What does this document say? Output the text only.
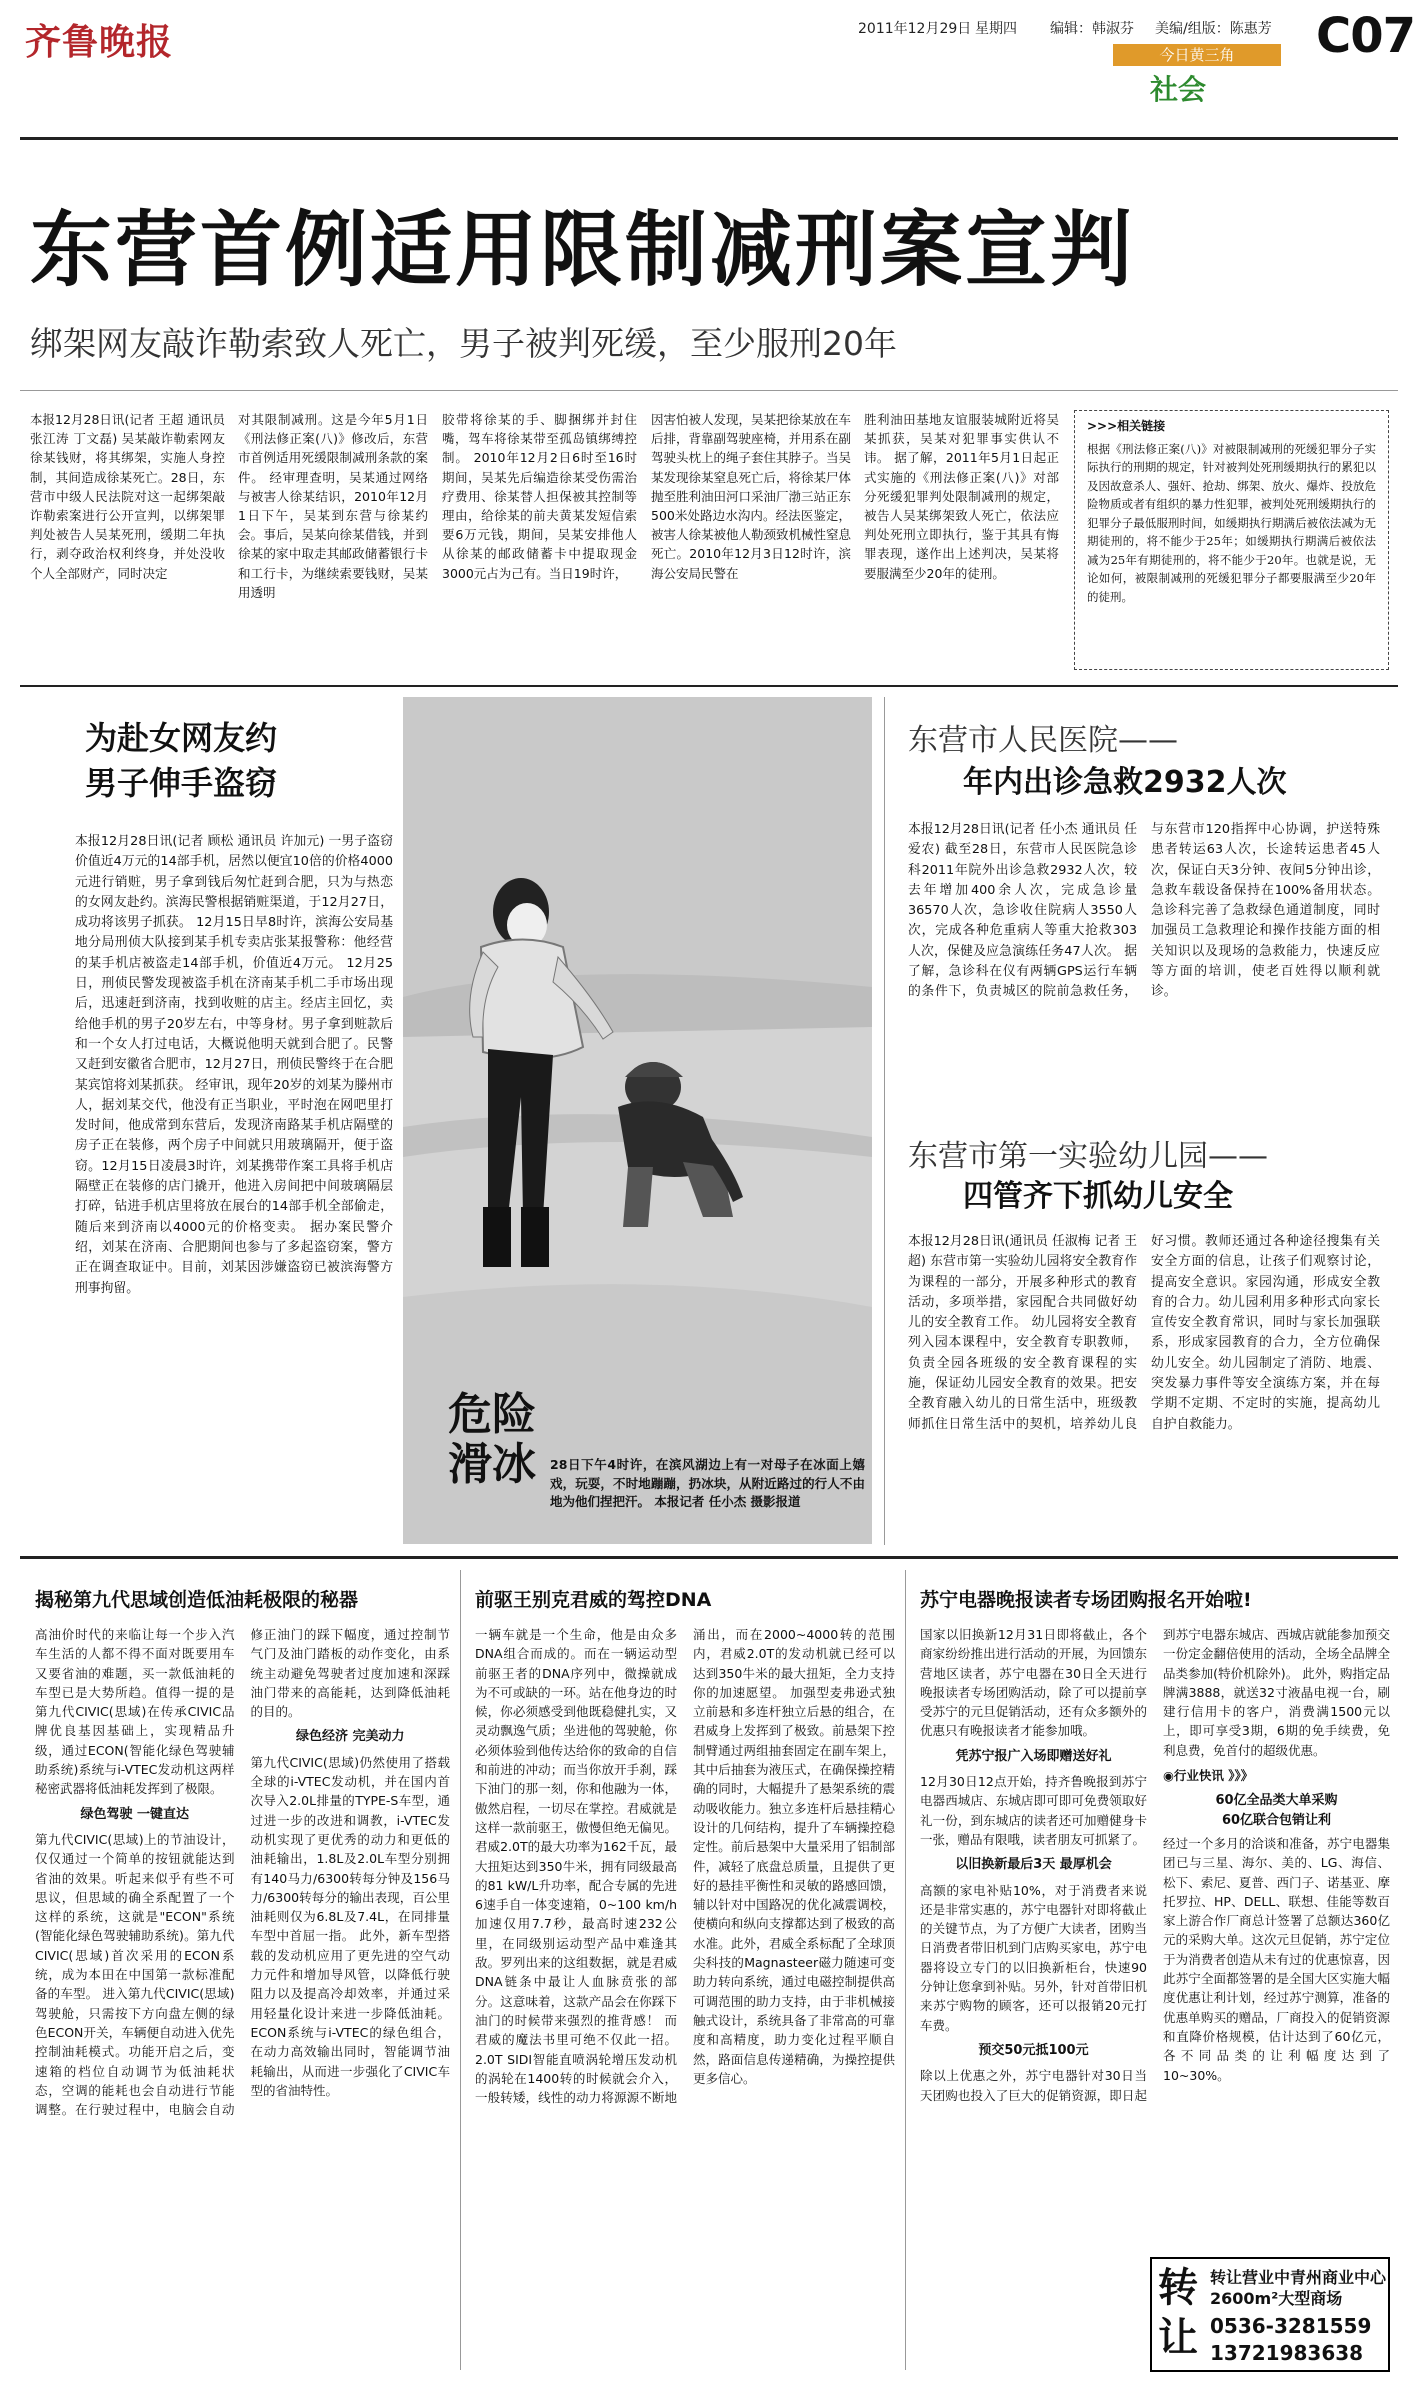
齐鲁晚报	2011年12月29日 星期四 编辑：韩淑芬 美编/组版：陈惠芳 C07
今日黄三角
社会
东营首例适用限制减刑案宣判
绑架网友敲诈勒索致人死亡，男子被判死缓，至少服刑20年
本报12月28日讯(记者 王超 通讯员 张江涛 丁文磊) 吴某敲诈勒索网友徐某钱财，将其绑架，实施人身控制，其间造成徐某死亡。28日，东营市中级人民法院对这一起绑架敲诈勒索案进行公开宣判，以绑架罪判处被告人吴某死刑，缓期二年执行，剥夺政治权利终身，并处没收个人全部财产，同时决定
对其限制减刑。这是今年5月1日《刑法修正案(八)》修改后，东营市首例适用死缓限制减刑条款的案件。 经审理查明，吴某通过网络与被害人徐某结识，2010年12月1日下午，吴某到东营与徐某约会。事后，吴某向徐某借钱，并到徐某的家中取走其邮政储蓄银行卡和工行卡，为继续索要钱财，吴某用透明
胶带将徐某的手、脚捆绑并封住嘴，驾车将徐某带至孤岛镇绑缚控制。 2010年12月2日6时至16时期间，吴某先后编造徐某受伤需治疗费用、徐某替人担保被其控制等理由，给徐某的前夫黄某发短信索要6万元钱，期间，吴某安排他人从徐某的邮政储蓄卡中提取现金3000元占为己有。当日19时许，
因害怕被人发现，吴某把徐某放在车后排，背靠副驾驶座椅，并用系在副驾驶头枕上的绳子套住其脖子。当吴某发现徐某窒息死亡后，将徐某尸体抛至胜利油田河口采油厂渤三站正东500米处路边水沟内。经法医鉴定，被害人徐某被他人勒颈致机械性窒息死亡。2010年12月3日12时许，滨海公安局民警在
胜利油田基地友谊服装城附近将吴某抓获，吴某对犯罪事实供认不讳。 据了解，2011年5月1日起正式实施的《刑法修正案(八)》对部分死缓犯罪判处限制减刑的规定，被告人吴某绑架致人死亡，依法应判处死刑立即执行，鉴于其具有悔罪表现，遂作出上述判决，吴某将要服满至少20年的徒刑。
>>>相关链接
根据《刑法修正案(八)》对被限制减刑的死缓犯罪分子实际执行的刑期的规定，针对被判处死刑缓期执行的累犯以及因故意杀人、强奸、抢劫、绑架、放火、爆炸、投放危险物质或者有组织的暴力性犯罪，被判处死刑缓期执行的犯罪分子最低服刑时间，如缓期执行期满后被依法减为无期徒刑的，将不能少于25年；如缓期执行期满后被依法减为25年有期徒刑的，将不能少于20年。也就是说，无论如何，被限制减刑的死缓犯罪分子都要服满至少20年的徒刑。
为赴女网友约
男子伸手盗窃
本报12月28日讯(记者 顾松 通讯员 许加元) 一男子盗窃价值近4万元的14部手机，居然以便宜10倍的价格4000元进行销赃，男子拿到钱后匆忙赶到合肥，只为与热恋的女网友赴约。滨海民警根据销赃渠道，于12月27日，成功将该男子抓获。 12月15日早8时许，滨海公安局基地分局刑侦大队接到某手机专卖店张某报警称：他经营的某手机店被盗走14部手机，价值近4万元。 12月25日，刑侦民警发现被盗手机在济南某手机二手市场出现后，迅速赶到济南，找到收赃的店主。经店主回忆，卖给他手机的男子20岁左右，中等身材。男子拿到赃款后和一个女人打过电话，大概说他明天就到合肥了。民警又赶到安徽省合肥市，12月27日，刑侦民警终于在合肥某宾馆将刘某抓获。 经审讯，现年20岁的刘某为滕州市人，据刘某交代，他没有正当职业，平时泡在网吧里打发时间，他成常到东营后，发现济南路某手机店隔壁的房子正在装修，两个房子中间就只用玻璃隔开，便于盗窃。12月15日凌晨3时许，刘某携带作案工具将手机店隔壁正在装修的店门撬开，他进入房间把中间玻璃隔层打碎，钻进手机店里将放在展台的14部手机全部偷走，随后来到济南以4000元的价格变卖。 据办案民警介绍，刘某在济南、合肥期间也参与了多起盗窃案，警方正在调查取证中。目前，刘某因涉嫌盗窃已被滨海警方刑事拘留。
危险
滑冰 28日下午4时许，在滨风湖边上有一对母子在冰面上嬉戏，玩耍，不时地蹦蹦，扔冰块，从附近路过的行人不由地为他们捏把汗。 本报记者 任小杰 摄影报道
东营市人民医院——
年内出诊急救2932人次
本报12月28日讯(记者 任小杰 通讯员 任爱农) 截至28日，东营市人民医院急诊科2011年院外出诊急救2932人次，较去年增加400余人次，完成急诊量36570人次，急诊收住院病人3550人次，完成各种危重病人等重大抢救303人次，保健及应急演练任务47人次。 据了解，急诊科在仪有两辆GPS运行车辆的条件下，负责城区的院前急救任务，与东营市120指挥中心协调，护送特殊患者转运63人次，长途转运患者45人次，保证白天3分钟、夜间5分钟出诊，急救车载设备保持在100%备用状态。 急诊科完善了急救绿色通道制度，同时加强员工急救理论和操作技能方面的相关知识以及现场的急救能力，快速反应等方面的培训，使老百姓得以顺利就诊。
东营市第一实验幼儿园——
四管齐下抓幼儿安全
本报12月28日讯(通讯员 任淑梅 记者 王超) 东营市第一实验幼儿园将安全教育作为课程的一部分，开展多种形式的教育活动，多项举措，家园配合共同做好幼儿的安全教育工作。 幼儿园将安全教育列入园本课程中，安全教育专职教师，负责全园各班级的安全教育课程的实施，保证幼儿园安全教育的效果。把安全教育融入幼儿的日常生活中，班级教师抓住日常生活中的契机，培养幼儿良好习惯。教师还通过各种途径搜集有关安全方面的信息，让孩子们观察讨论，提高安全意识。家园沟通，形成安全教育的合力。幼儿园利用多种形式向家长宣传安全教育常识，同时与家长加强联系，形成家园教育的合力，全方位确保幼儿安全。幼儿园制定了消防、地震、突发暴力事件等安全演练方案，并在每学期不定期、不定时的实施，提高幼儿自护自救能力。
揭秘第九代思域创造低油耗极限的秘器
高油价时代的来临让每一个步入汽车生活的人都不得不面对既要用车又要省油的难题，买一款低油耗的车型已是大势所趋。值得一提的是第九代CIVIC(思域)在传承CIVIC品牌优良基因基础上，实现精品升级，通过ECON(智能化绿色驾驶辅助系统)系统与i-VTEC发动机这两样秘密武器将低油耗发挥到了极限。
绿色驾驶 一键直达
第九代CIVIC(思域)上的节油设计，仅仅通过一个简单的按钮就能达到省油的效果。听起来似乎有些不可思议，但思域的确全系配置了一个这样的系统，这就是"ECON"系统(智能化绿色驾驶辅助系统)。第九代CIVIC(思域)首次采用的ECON系统，成为本田在中国第一款标准配备的车型。 进入第九代CIVIC(思域)驾驶舱，只需按下方向盘左侧的绿色ECON开关，车辆便自动进入优先控制油耗模式。功能开启之后，变速箱的档位自动调节为低油耗状态，空调的能耗也会自动进行节能调整。在行驶过程中，电脑会自动修正油门的踩下幅度，通过控制节气门及油门踏板的动作变化，由系统主动避免驾驶者过度加速和深踩油门带来的高能耗，达到降低油耗的目的。
绿色经济 完美动力
第九代CIVIC(思域)仍然使用了搭载全球的i-VTEC发动机，并在国内首次导入2.0L排量的TYPE-S车型，通过进一步的改进和调教，i-VTEC发动机实现了更优秀的动力和更低的油耗输出，1.8L及2.0L车型分别拥有140马力/6300转每分钟及156马力/6300转每分的输出表现，百公里油耗则仅为6.8L及7.4L，在同排量车型中首屈一指。 此外，新车型搭载的发动机应用了更先进的空气动力元件和增加导风管，以降低行驶阻力以及提高冷却效率，并通过采用轻量化设计来进一步降低油耗。 ECON系统与i-VTEC的绿色组合，在动力高效输出同时，智能调节油耗输出，从而进一步强化了CIVIC车型的省油特性。
前驱王别克君威的驾控DNA
一辆车就是一个生命，他是由众多DNA组合而成的。而在一辆运动型前驱王者的DNA序列中，微操就成为不可或缺的一环。站在他身边的时候，你必须感受到他既稳健扎实，又灵动飘逸气质；坐进他的驾驶舱，你必须体验到他传达给你的致命的自信和前进的冲动；而当你放开手刹，踩下油门的那一刻，你和他融为一体，傲然启程，一切尽在掌控。君威就是这样一款前驱王，傲慢但绝无偏见。 君威2.0T的最大功率为162千瓦，最大扭矩达到350牛米，拥有同级最高的81 kW/L升功率，配合专属的先进6速手自一体变速箱，0~100 km/h加速仅用7.7秒，最高时速232公里，在同级别运动型产品中难逢其敌。罗列出来的这组数据，就是君威DNA链条中最让人血脉贲张的部分。这意味着，这款产品会在你踩下油门的时候带来强烈的推背感！ 而君威的魔法书里可绝不仅此一招。2.0T SIDI智能直喷涡轮增压发动机的涡轮在1400转的时候就会介入，一般转矮，线性的动力将源源不断地涌出，而在2000~4000转的范围内，君威2.0T的发动机就已经可以达到350牛米的最大扭矩，全力支持你的加速愿望。 加强型麦弗逊式独立前悬和多连杆独立后悬的组合，在君威身上发挥到了极致。前悬架下控制臂通过两组抽套固定在副车架上，其中后抽套为液压式，在确保操控精确的同时，大幅提升了悬架系统的震动吸收能力。独立多连杆后悬挂精心设计的几何结构，提升了车辆操控稳定性。前后悬架中大量采用了铝制部件，减轻了底盘总质量，且提供了更好的悬挂平衡性和灵敏的路感回馈，辅以针对中国路况的优化减震调校，使横向和纵向支撑都达到了极致的高水准。此外，君威全系标配了全球顶尖科技的Magnasteer磁力随速可变助力转向系统，通过电磁控制提供高可调范围的助力支持，由于非机械接触式设计，系统具备了非常高的可靠度和高精度，助力变化过程平顺自然，路面信息传递精确，为操控提供更多信心。
苏宁电器晚报读者专场团购报名开始啦!
国家以旧换新12月31日即将截止，各个商家纷纷推出进行活动的开展，为回馈东营地区读者，苏宁电器在30日全天进行晚报读者专场团购活动，除了可以提前享受苏宁的元旦促销活动，还有众多额外的优惠只有晚报读者才能参加哦。
凭苏宁报广入场即赠送好礼
12月30日12点开始，持齐鲁晚报到苏宁电器西城店、东城店即可即可免费领取好礼一份，到东城店的读者还可加赠健身卡一张，赠品有限哦，读者朋友可抓紧了。
以旧换新最后3天 最厚机会
高额的家电补贴10%，对于消费者来说还是非常实惠的，苏宁电器针对即将截止的关键节点，为了方便广大读者，团购当日消费者带旧机到门店购买家电，苏宁电器将设立专门的以旧换新柜台，快速90分钟让您拿到补贴。另外，针对首带旧机来苏宁购物的顾客，还可以报销20元打车费。
预交50元抵100元
除以上优惠之外，苏宁电器针对30日当天团购也投入了巨大的促销资源，即日起到苏宁电器东城店、西城店就能参加预交一份定金翻倍使用的活动，全场全品牌全品类参加(特价机除外)。 此外，购指定品牌满3888，就送32寸液晶电视一台，刷建行信用卡的客户，消费满1500元以上，即可享受3期，6期的免手续费，免利息费，免首付的超级优惠。
◉行业快讯 》》》
60亿全品类大单采购
60亿联合包销让利
经过一个多月的洽谈和准备，苏宁电器集团已与三星、海尔、美的、LG、海信、松下、索尼、夏普、西门子、诺基亚、摩托罗拉、HP、DELL、联想、佳能等数百家上游合作厂商总计签署了总额达360亿元的采购大单。这次元旦促销，苏宁定位于为消费者创造从未有过的优惠惊喜，因此苏宁全面都签署的是全国大区实施大幅度优惠让利计划，经过苏宁测算，准备的优惠单购买的赠品，厂商投入的促销资源和直降价格规模，估计达到了60亿元，各不同品类的让利幅度达到了10~30%。
转
让
转让营业中青州商业中心2600m²大型商场
0536-3281559
13721983638
